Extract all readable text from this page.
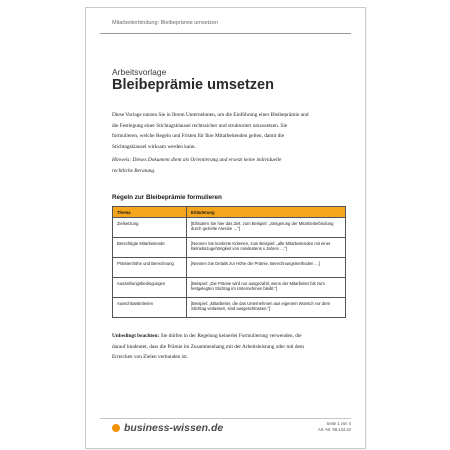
Mitarbeiterbindung: Bleibeprämie umsetzen
Arbeitsvorlage
Bleibeprämie umsetzen

Diese Vorlage nutzen Sie in Ihrem Unternehmen, um die Einführung einer Bleibeprämie und die Festlegung einer Stichtagsklausel rechtssicher und strukturiert umzusetzen. Sie formulieren, welche Regeln und Fristen für Ihre Mitarbeitenden gelten, damit die Stichtagsklausel wirksam werden kann.

Hinweis: Dieses Dokument dient als Orientierung und ersetzt keine individuelle rechtliche Beratung.

Regeln zur Bleibeprämie formulieren
Thema	Erläuterung
Zielsetzung	[Erläutern Sie hier das Ziel, zum Beispiel: „Steigerung der Mitarbeiterbindung durch gezielte Anreize …“]
Berechtigte Mitarbeitende	[Nennen Sie konkrete Kriterien, zum Beispiel: „alle Mitarbeitenden mit einer Betriebszugehörigkeit von mindestens x Jahren …“]
Prämienhöhe und Berechnung	[Nennen Sie Details zur Höhe der Prämie, Berechnungsmethoden …]
Auszahlungsbedingungen	[Beispiel: „Die Prämie wird nur ausgezahlt, wenn der Mitarbeiter bis zum festgelegten Stichtag im Unternehmen bleibt.“]
Ausschlusskriterien	[Beispiel: „Mitarbeiter, die das Unternehmen aus eigenem Wunsch vor dem Stichtag verlassen, sind ausgeschlossen.“]

Unbedingt beachten: Sie dürfen in der Regelung keinerlei Formulierung verwenden, die darauf hindeutet, dass die Prämie im Zusammenhang mit der Arbeitsleistung oder mit dem Erreichen von Zielen verbunden ist.

business-wissen.de	Seite 1 von 4
Art.-Nr. 99.134.22
